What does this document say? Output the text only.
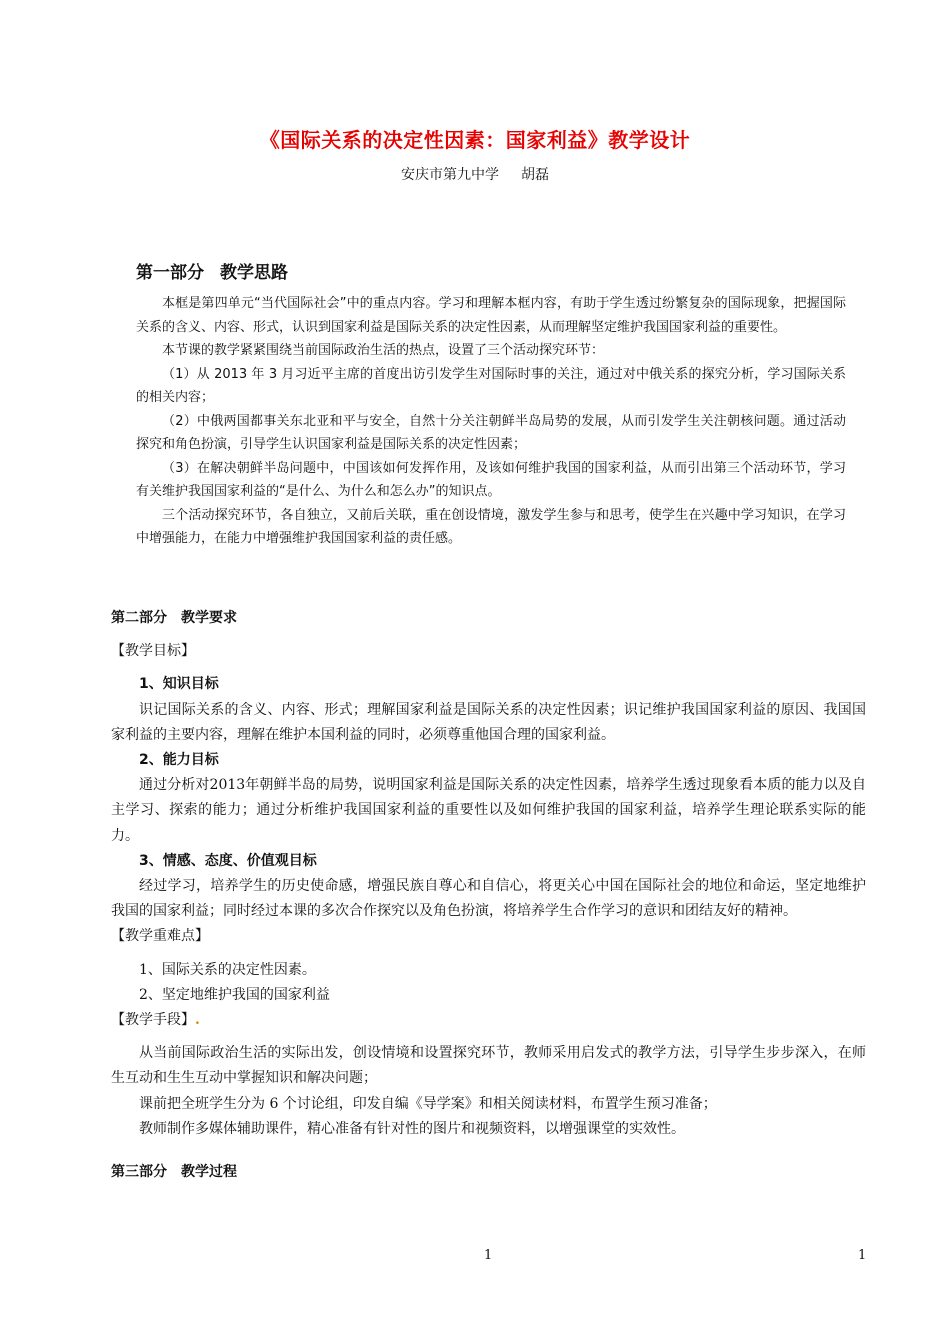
《国际关系的决定性因素：国家利益》教学设计
安庆市第九中学 胡磊
第一部分 教学思路

本框是第四单元“当代国际社会”中的重点内容。学习和理解本框内容，有助于学生透过纷繁复杂的国际现象，把握国际关系的含义、内容、形式，认识到国家利益是国际关系的决定性因素，从而理解坚定维护我国国家利益的重要性。

本节课的教学紧紧围绕当前国际政治生活的热点，设置了三个活动探究环节：

（1）从 2013 年 3 月习近平主席的首度出访引发学生对国际时事的关注，通过对中俄关系的探究分析，学习国际关系的相关内容；

（2）中俄两国都事关东北亚和平与安全，自然十分关注朝鲜半岛局势的发展，从而引发学生关注朝核问题。通过活动探究和角色扮演，引导学生认识国家利益是国际关系的决定性因素；

（3）在解决朝鲜半岛问题中，中国该如何发挥作用，及该如何维护我国的国家利益，从而引出第三个活动环节，学习有关维护我国国家利益的“是什么、为什么和怎么办”的知识点。

三个活动探究环节，各自独立，又前后关联，重在创设情境，激发学生参与和思考，使学生在兴趣中学习知识，在学习中增强能力，在能力中增强维护我国国家利益的责任感。

第二部分 教学要求

【教学目标】

1、知识目标

识记国际关系的含义、内容、形式；理解国家利益是国际关系的决定性因素；识记维护我国国家利益的原因、我国国家利益的主要内容，理解在维护本国利益的同时，必须尊重他国合理的国家利益。

2、能力目标

通过分析对2013年朝鲜半岛的局势，说明国家利益是国际关系的决定性因素，培养学生透过现象看本质的能力以及自主学习、探索的能力；通过分析维护我国国家利益的重要性以及如何维护我国的国家利益，培养学生理论联系实际的能力。

3、情感、态度、价值观目标

经过学习，培养学生的历史使命感，增强民族自尊心和自信心，将更关心中国在国际社会的地位和命运，坚定地维护我国的国家利益；同时经过本课的多次合作探究以及角色扮演，将培养学生合作学习的意识和团结友好的精神。

【教学重难点】

1、国际关系的决定性因素。

2、坚定地维护我国的国家利益

【教学手段】.

从当前国际政治生活的实际出发，创设情境和设置探究环节，教师采用启发式的教学方法，引导学生步步深入，在师生互动和生生互动中掌握知识和解决问题；

课前把全班学生分为 6 个讨论组，印发自编《导学案》和相关阅读材料，布置学生预习准备；

教师制作多媒体辅助课件，精心准备有针对性的图片和视频资料，以增强课堂的实效性。

第三部分 教学过程

1	1
